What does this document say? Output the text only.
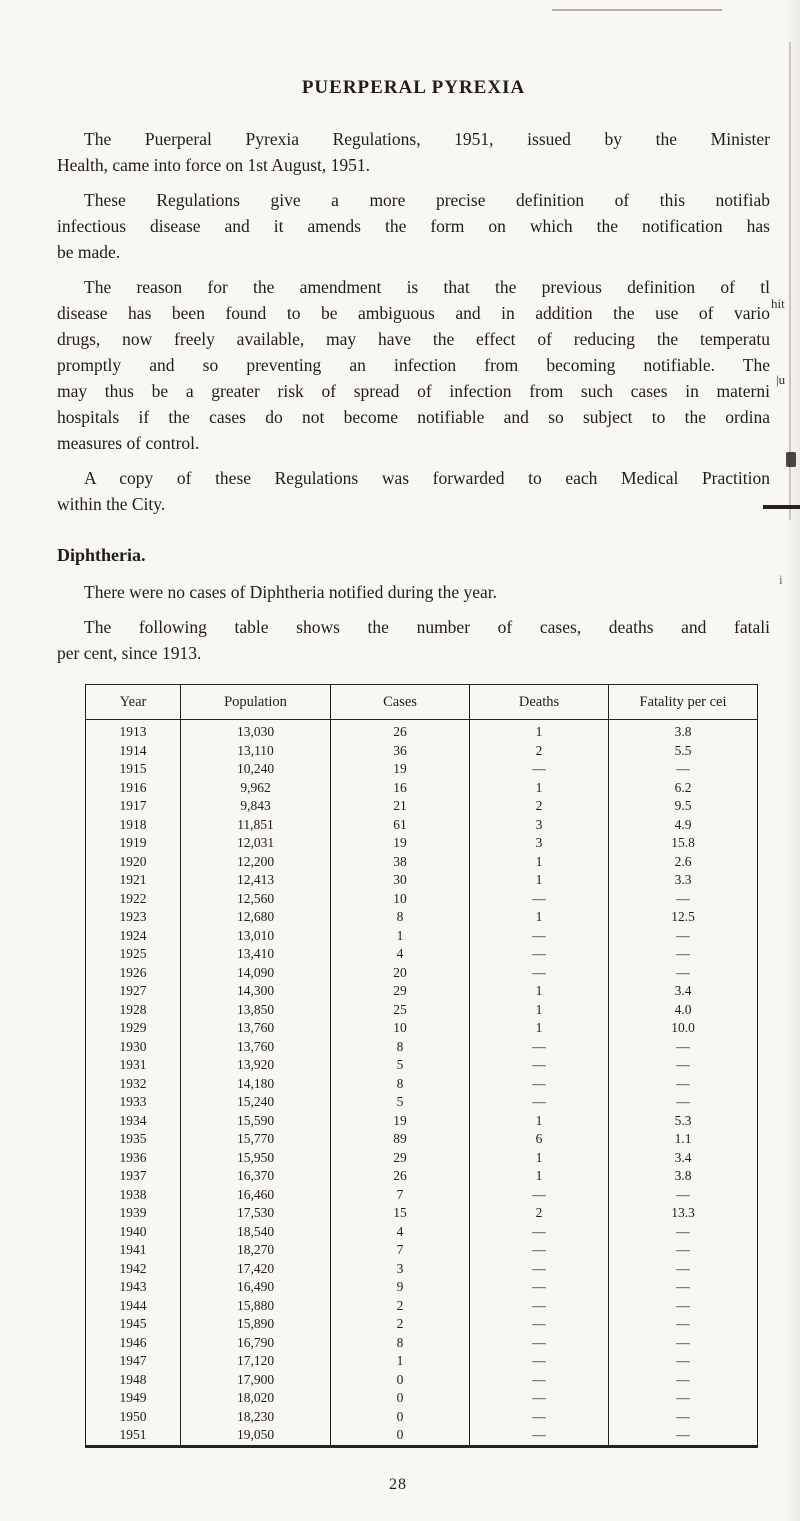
PUERPERAL PYREXIA
The Puerperal Pyrexia Regulations, 1951, issued by the Minister
Health, came into force on 1st August, 1951.
These Regulations give a more precise definition of this notifiab
infectious disease and it amends the form on which the notification has
be made.
The reason for the amendment is that the previous definition of tl
disease has been found to be ambiguous and in addition the use of vario
drugs, now freely available, may have the effect of reducing the temperatu
promptly and so preventing an infection from becoming notifiable. The
may thus be a greater risk of spread of infection from such cases in materni
hospitals if the cases do not become notifiable and so subject to the ordina
measures of control.
A copy of these Regulations was forwarded to each Medical Practition
within the City.
Diphtheria.
There were no cases of Diphtheria notified during the year.
The following table shows the number of cases, deaths and fatali
per cent, since 1913.
Year	Population	Cases	Deaths	Fatality per cei
1913	13,030	26	1	3.8
1914	13,110	36	2	5.5
1915	10,240	19	—	—
1916	9,962	16	1	6.2
1917	9,843	21	2	9.5
1918	11,851	61	3	4.9
1919	12,031	19	3	15.8
1920	12,200	38	1	2.6
1921	12,413	30	1	3.3
1922	12,560	10	—	—
1923	12,680	8	1	12.5
1924	13,010	1	—	—
1925	13,410	4	—	—
1926	14,090	20	—	—
1927	14,300	29	1	3.4
1928	13,850	25	1	4.0
1929	13,760	10	1	10.0
1930	13,760	8	—	—
1931	13,920	5	—	—
1932	14,180	8	—	—
1933	15,240	5	—	—
1934	15,590	19	1	5.3
1935	15,770	89	6	1.1
1936	15,950	29	1	3.4
1937	16,370	26	1	3.8
1938	16,460	7	—	—
1939	17,530	15	2	13.3
1940	18,540	4	—	—
1941	18,270	7	—	—
1942	17,420	3	—	—
1943	16,490	9	—	—
1944	15,880	2	—	—
1945	15,890	2	—	—
1946	16,790	8	—	—
1947	17,120	1	—	—
1948	17,900	0	—	—
1949	18,020	0	—	—
1950	18,230	0	—	—
1951	19,050	0	—	—
28
hit
|u
i
